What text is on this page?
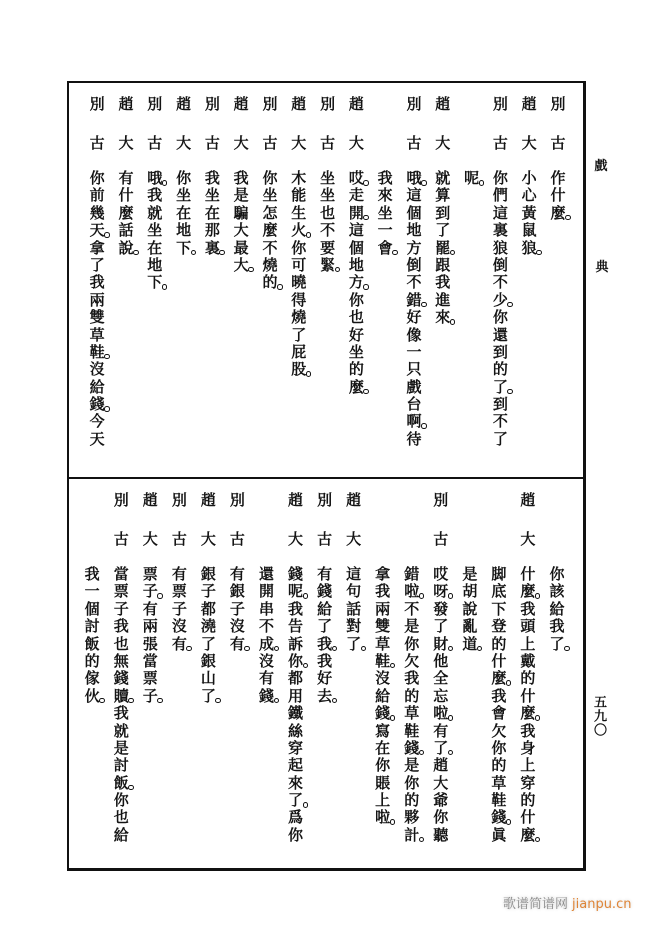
別
古
作
什
麼
趙
大
小
心
黃
鼠
狼
別
古
你
們
這
裏
狼
倒
不
少
你
還
到
的
了
到
不
了
呢
趙
大
就
算
到
了
罷
跟
我
進
來
別
古
哦
這
個
地
方
倒
不
錯
好
像
一
只
戲
台
啊
待
我
來
坐
一
會
趙
大
哎
走
開
這
個
地
方
你
也
好
坐
的
麼
別
古
坐
坐
也
不
要
緊
趙
大
木
能
生
火
你
可
曉
得
燒
了
屁
股
別
古
你
坐
怎
麼
不
燒
的
趙
大
我
是
騙
大
最
大
別
古
我
坐
在
那
裏
趙
大
你
坐
在
地
下
別
古
哦
我
就
坐
在
地
下
趙
大
有
什
麼
話
說
別
古
你
前
幾
天
拿
了
我
兩
雙
草
鞋
沒
給
錢
今
天
你
該
給
我
了
趙
大
什
麼
我
頭
上
戴
的
什
麼
我
身
上
穿
的
什
麼
脚
底
下
登
的
什
麼
我
會
欠
你
的
草
鞋
錢
眞
是
胡
說
亂
道
別
古
哎
呀
發
了
財
他
全
忘
啦
有
了
趙
大
爺
你
聽
錯
啦
不
是
你
欠
我
的
草
鞋
錢
是
你
的
夥
計
拿
我
兩
雙
草
鞋
沒
給
錢
寫
在
你
賬
上
啦
趙
大
這
句
話
對
了
別
古
有
錢
給
了
我
我
好
去
趙
大
錢
呢
我
告
訴
你
都
用
鐵
絲
穿
起
來
了
爲
你
還
開
串
不
成
沒
有
錢
別
古
有
銀
子
沒
有
趙
大
銀
子
都
澆
了
銀
山
了
別
古
有
票
子
沒
有
趙
大
票
子
有
兩
張
當
票
子
別
古
當
票
子
我
也
無
錢
贖
我
就
是
討
飯
你
也
給
我
一
個
討
飯
的
傢
伙
戲
典
五九〇
歌谱简谱网 jianpu.cn
